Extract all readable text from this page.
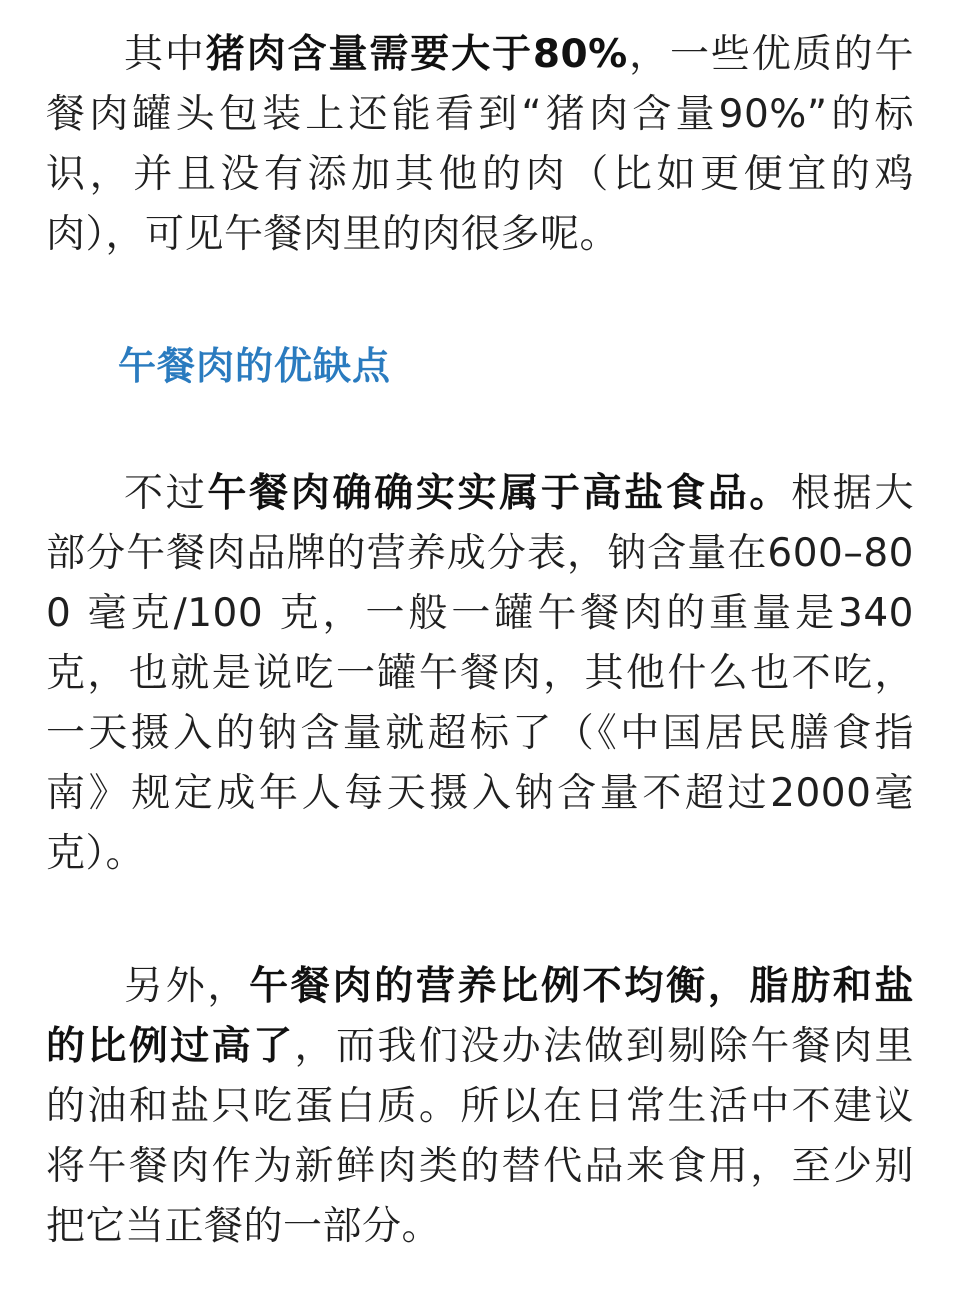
其中猪肉含量需要大于80%，一些优质的午餐肉罐头包装上还能看到“猪肉含量90%”的标识，并且没有添加其他的肉（比如更便宜的鸡肉），可见午餐肉里的肉很多呢。

午餐肉的优缺点

不过午餐肉确确实实属于高盐食品。根据大部分午餐肉品牌的营养成分表，钠含量在600–800 毫克/100 克，一般一罐午餐肉的重量是340克，也就是说吃一罐午餐肉，其他什么也不吃，一天摄入的钠含量就超标了（《中国居民膳食指南》规定成年人每天摄入钠含量不超过2000毫克）。

另外，午餐肉的营养比例不均衡，脂肪和盐的比例过高了，而我们没办法做到剔除午餐肉里的油和盐只吃蛋白质。所以在日常生活中不建议将午餐肉作为新鲜肉类的替代品来食用，至少别把它当正餐的一部分。
